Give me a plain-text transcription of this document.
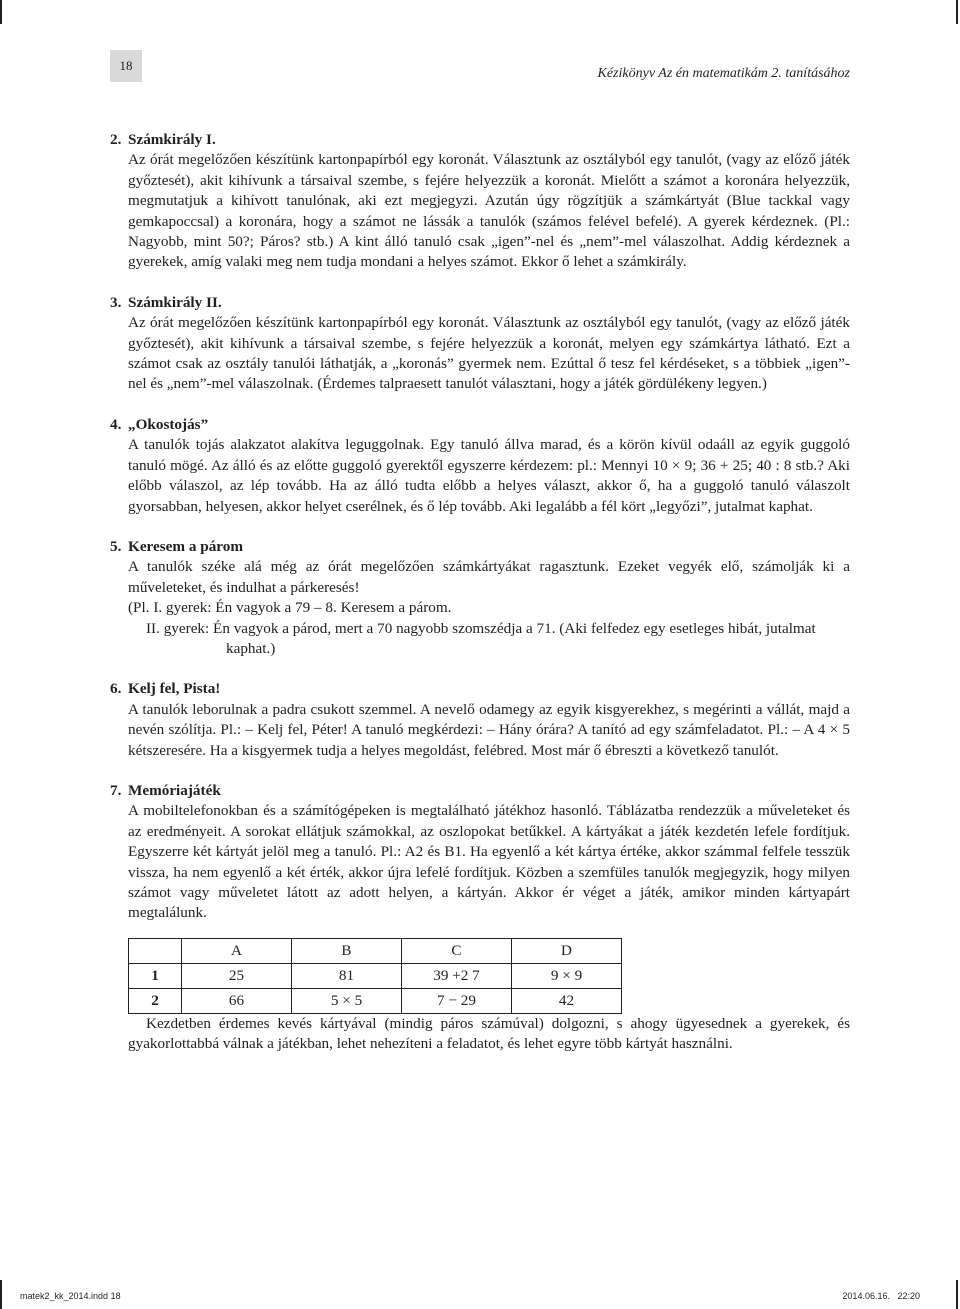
18
Kézikönyv Az én matematikám 2. tanításához
2. Számkirály I.

Az órát megelőzően készítünk kartonpapírból egy koronát. Választunk az osztályból egy tanulót, (vagy az előző játék győztesét), akit kihívunk a társaival szembe, s fejére helyezzük a koronát. Mielőtt a számot a koronára helyezzük, megmutatjuk a kihívott tanulónak, aki ezt megjegyzi. Azután úgy rögzítjük a számkártyát (Blue tackkal vagy gemkapoccsal) a koronára, hogy a számot ne lássák a tanulók (számos felével befelé). A gyerek kérdeznek. (Pl.: Nagyobb, mint 50?; Páros? stb.) A kint álló tanuló csak „igen”-nel és „nem”-mel válaszolhat. Addig kérdeznek a gyerekek, amíg valaki meg nem tudja mondani a helyes számot. Ekkor ő lehet a számkirály.

3. Számkirály II.

Az órát megelőzően készítünk kartonpapírból egy koronát. Választunk az osztályból egy tanulót, (vagy az előző játék győztesét), akit kihívunk a társaival szembe, s fejére helyezzük a koronát, melyen egy számkártya látható. Ezt a számot csak az osztály tanulói láthatják, a „koronás” gyermek nem. Ezúttal ő tesz fel kérdéseket, s a többiek „igen”-nel és „nem”-mel válaszolnak. (Érdemes talpraesett tanulót választani, hogy a játék gördülékeny legyen.)

4. „Okostojás”

A tanulók tojás alakzatot alakítva leguggolnak. Egy tanuló állva marad, és a körön kívül odaáll az egyik guggoló tanuló mögé. Az álló és az előtte guggoló gyerektől egyszerre kérdezem: pl.: Mennyi 10 × 9; 36 + 25; 40 : 8 stb.? Aki előbb válaszol, az lép tovább. Ha az álló tudta előbb a helyes választ, akkor ő, ha a guggoló tanuló válaszolt gyorsabban, helyesen, akkor helyet cserélnek, és ő lép tovább. Aki legalább a fél kört „legyőzi”, jutalmat kaphat.

5. Keresem a párom

A tanulók széke alá még az órát megelőzően számkártyákat ragasztunk. Ezeket vegyék elő, számolják ki a műveleteket, és indulhat a párkeresés!

(Pl. I. gyerek: Én vagyok a 79 – 8. Keresem a párom.
II. gyerek: Én vagyok a párod, mert a 70 nagyobb szomszédja a 71. (Aki felfedez egy esetleges hibát, jutalmat kaphat.)
6. Kelj fel, Pista!

A tanulók leborulnak a padra csukott szemmel. A nevelő odamegy az egyik kisgyerekhez, s megérinti a vállát, majd a nevén szólítja. Pl.: – Kelj fel, Péter! A tanuló megkérdezi: – Hány órára? A tanító ad egy számfeladatot. Pl.: – A 4 × 5 kétszeresére. Ha a kisgyermek tudja a helyes megoldást, felébred. Most már ő ébreszti a következő tanulót.

7. Memóriajáték

A mobiltelefonokban és a számítógépeken is megtalálható játékhoz hasonló. Táblázatba rendezzük a műveleteket és az eredményeit. A sorokat ellátjuk számokkal, az oszlopokat betűkkel. A kártyákat a játék kezdetén lefele fordítjuk. Egyszerre két kártyát jelöl meg a tanuló. Pl.: A2 és B1. Ha egyenlő a két kártya értéke, akkor számmal felfele tesszük vissza, ha nem egyenlő a két érték, akkor újra lefelé fordítjuk. Közben a szemfüles tanulók megjegyzik, hogy milyen számot vagy műveletet látott az adott helyen, a kártyán. Akkor ér véget a játék, amikor minden kártyapárt megtalálunk.

	A	B	C	D
1	25	81	39 +2 7	9 × 9
2	66	5 × 5	7 − 29	42

Kezdetben érdemes kevés kártyával (mindig páros számúval) dolgozni, s ahogy ügyesednek a gyerekek, és gyakorlottabbá válnak a játékban, lehet nehezíteni a feladatot, és lehet egyre több kártyát használni.

matek2_kk_2014.indd 18	2014.06.16.   22:20
